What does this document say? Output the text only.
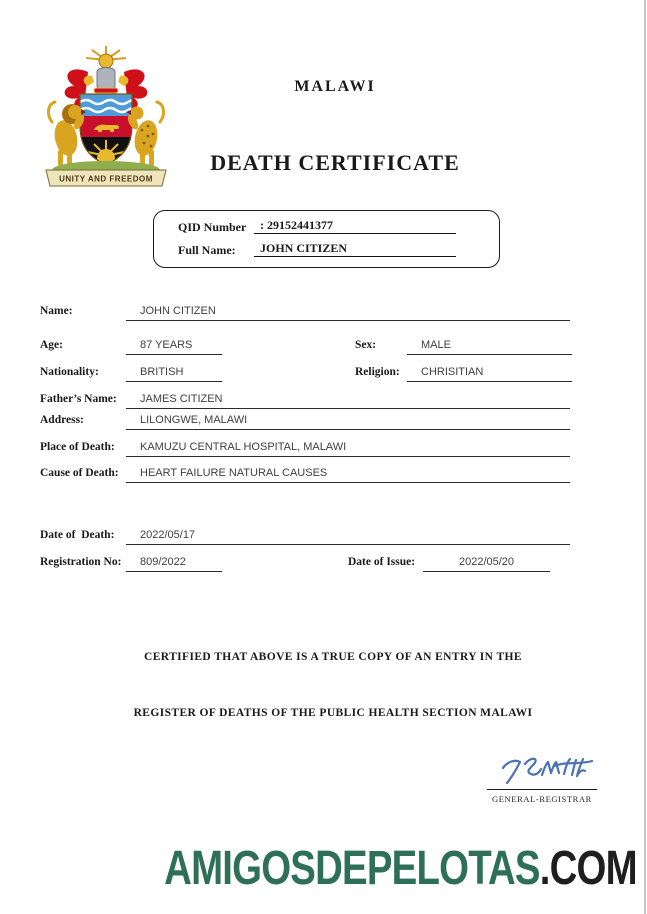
UNITY AND FREEDOM
MALAWI
DEATH CERTIFICATE
QID Number	: 29152441377
Full Name:	JOHN CITIZEN
Name:	JOHN CITIZEN
Age:	87 YEARS	Sex:	MALE
Nationality:	BRITISH	Religion:	CHRISITIAN
Father’s Name:	JAMES CITIZEN
Address:	LILONGWE, MALAWI
Place of Death:	KAMUZU CENTRAL HOSPITAL, MALAWI
Cause of Death:	HEART FAILURE NATURAL CAUSES
Date of  Death:	2022/05/17
Registration No:	809/2022	Date of Issue:	2022/05/20
CERTIFIED THAT ABOVE IS A TRUE COPY OF AN ENTRY IN THE
REGISTER OF DEATHS OF THE PUBLIC HEALTH SECTION MALAWI
GENERAL-REGISTRAR
AMIGOSDEPELOTAS.COM
